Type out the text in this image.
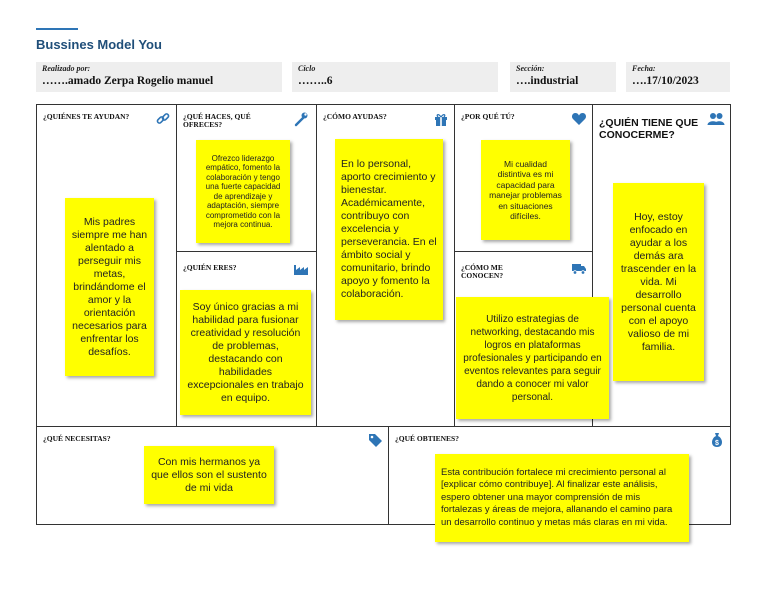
Bussines Model You
Realizado por:
…….amado Zerpa Rogelio manuel
Ciclo
……..6
Sección:
….industrial
Fecha:
….17/10/2023
¿QUIÉNES TE AYUDAN?	¿QUÉ HACES, QUÉ OFRECES?
¿QUIÉN ERES?
¿CÓMO AYUDAS?	¿POR QUÉ TÚ?
¿CÓMO ME CONOCEN?
¿QUIÉN TIENE QUE CONOCERME?
¿QUÉ NECESITAS?	¿QUÉ OBTIENES?
$
Mis padres siempre me han alentado a perseguir mis metas, brindándome el amor y la orientación necesarios para enfrentar los desafíos.
Ofrezco liderazgo empático, fomento la colaboración y tengo una fuerte capacidad de aprendizaje y adaptación, siempre comprometido con la mejora continua.
Soy único gracias a mi habilidad para fusionar creatividad y resolución de problemas, destacando con habilidades excepcionales en trabajo en equipo.
En lo personal, aporto crecimiento y bienestar. Académicamente, contribuyo con excelencia y perseverancia. En el ámbito social y comunitario, brindo apoyo y fomento la colaboración.
Mi cualidad distintiva es mi capacidad para manejar problemas en situaciones difíciles.
Utilizo estrategias de networking, destacando mis logros en plataformas profesionales y participando en eventos relevantes para seguir dando a conocer mi valor personal.
Hoy, estoy enfocado en ayudar a los demás ara trascender en la vida. Mi desarrollo personal cuenta con el apoyo valioso de mi familia.
Con mis hermanos ya que ellos son el sustento de mi vida
Esta contribución fortalece mi crecimiento personal al [explicar cómo contribuye]. Al finalizar este análisis, espero obtener una mayor comprensión de mis fortalezas y áreas de mejora, allanando el camino para un desarrollo continuo y metas más claras en mi vida.
